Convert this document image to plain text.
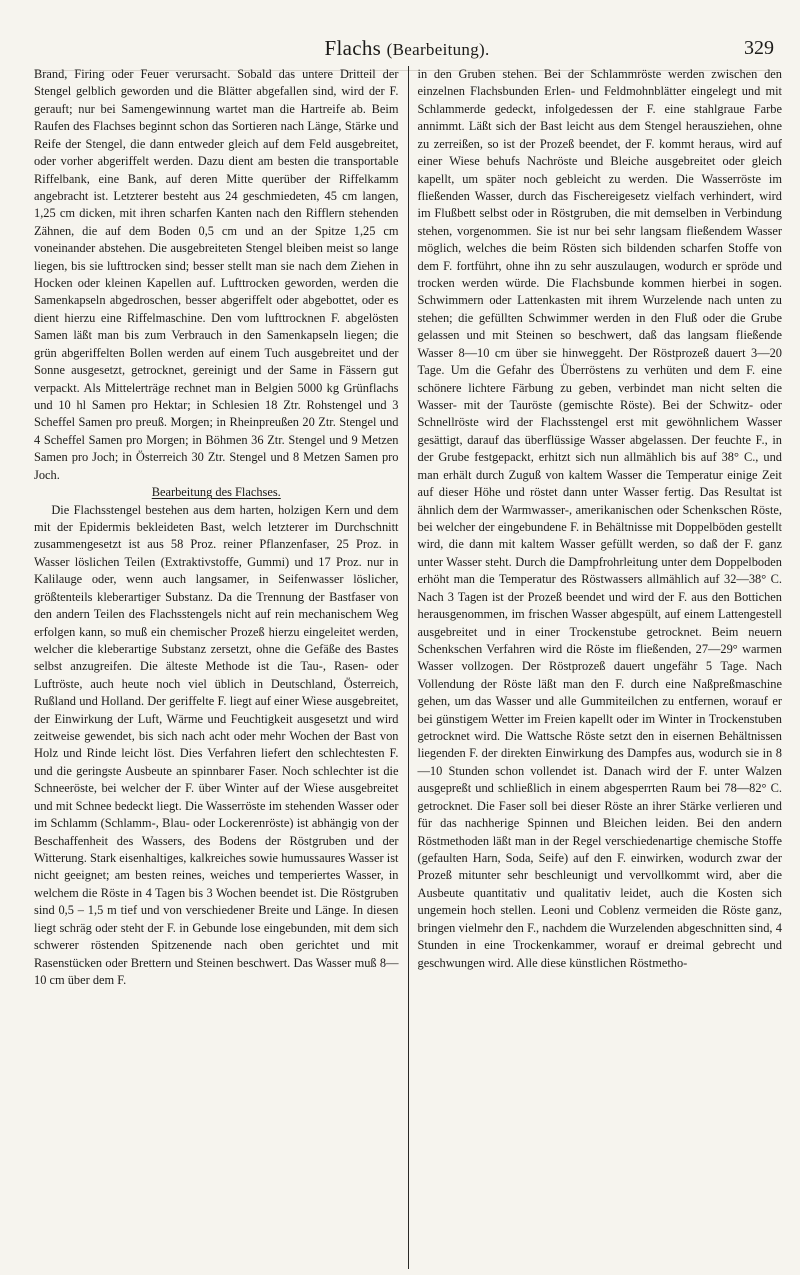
Flachs (Bearbeitung).	329

Brand, Firing oder Feuer verursacht. Sobald das untere Dritteil der Stengel gelblich geworden und die Blätter abgefallen sind, wird der F. gerauft; nur bei Samengewinnung wartet man die Hartreife ab. Beim Raufen des Flachses beginnt schon das Sortieren nach Länge, Stärke und Reife der Stengel, die dann entweder gleich auf dem Feld ausgebreitet, oder vorher abgeriffelt werden. Dazu dient am besten die transportable Riffelbank, eine Bank, auf deren Mitte querüber der Riffelkamm angebracht ist. Letzterer besteht aus 24 geschmiedeten, 45 cm langen, 1,25 cm dicken, mit ihren scharfen Kanten nach den Rifflern stehenden Zähnen, die auf dem Boden 0,5 cm und an der Spitze 1,25 cm voneinander abstehen. Die ausgebreiteten Stengel bleiben meist so lange liegen, bis sie lufttrocken sind; besser stellt man sie nach dem Ziehen in Hocken oder kleinen Kapellen auf. Lufttrocken geworden, werden die Samenkapseln abgedroschen, besser abgeriffelt oder abgebottet, oder es dient hierzu eine Riffelmaschine. Den vom lufttrocknen F. abgelösten Samen läßt man bis zum Verbrauch in den Samenkapseln liegen; die grün abgeriffelten Bollen werden auf einem Tuch ausgebreitet und der Sonne ausgesetzt, getrocknet, gereinigt und der Same in Fässern gut verpackt. Als Mittelerträge rechnet man in Belgien 5000 kg Grünflachs und 10 hl Samen pro Hektar; in Schlesien 18 Ztr. Rohstengel und 3 Scheffel Samen pro preuß. Morgen; in Rheinpreußen 20 Ztr. Stengel und 4 Scheffel Samen pro Morgen; in Böhmen 36 Ztr. Stengel und 9 Metzen Samen pro Joch; in Österreich 30 Ztr. Stengel und 8 Metzen Samen pro Joch.

Bearbeitung des Flachses.

Die Flachsstengel bestehen aus dem harten, holzigen Kern und dem mit der Epidermis bekleideten Bast, welch letzterer im Durchschnitt zusammengesetzt ist aus 58 Proz. reiner Pflanzenfaser, 25 Proz. in Wasser löslichen Teilen (Extraktivstoffe, Gummi) und 17 Proz. nur in Kalilauge oder, wenn auch langsamer, in Seifenwasser löslicher, größtenteils kleberartiger Substanz. Da die Trennung der Bastfaser von den andern Teilen des Flachsstengels nicht auf rein mechanischem Weg erfolgen kann, so muß ein chemischer Prozeß hierzu eingeleitet werden, welcher die kleberartige Substanz zersetzt, ohne die Gefäße des Bastes selbst anzugreifen. Die älteste Methode ist die Tau-, Rasen- oder Luftröste, auch heute noch viel üblich in Deutschland, Österreich, Rußland und Holland. Der geriffelte F. liegt auf einer Wiese ausgebreitet, der Einwirkung der Luft, Wärme und Feuchtigkeit ausgesetzt und wird zeitweise gewendet, bis sich nach acht oder mehr Wochen der Bast von Holz und Rinde leicht löst. Dies Verfahren liefert den schlechtesten F. und die geringste Ausbeute an spinnbarer Faser. Noch schlechter ist die Schneeröste, bei welcher der F. über Winter auf der Wiese ausgebreitet und mit Schnee bedeckt liegt. Die Wasserröste im stehenden Wasser oder im Schlamm (Schlamm-, Blau- oder Lockerenröste) ist abhängig von der Beschaffenheit des Wassers, des Bodens der Röstgruben und der Witterung. Stark eisenhaltiges, kalkreiches sowie humussaures Wasser ist nicht geeignet; am besten reines, weiches und temperiertes Wasser, in welchem die Röste in 4 Tagen bis 3 Wochen beendet ist. Die Röstgruben sind 0,5 – 1,5 m tief und von verschiedener Breite und Länge. In diesen liegt schräg oder steht der F. in Gebunde lose eingebunden, mit dem sich schwerer röstenden Spitzenende nach oben gerichtet und mit Rasenstücken oder Brettern und Steinen beschwert. Das Wasser muß 8—10 cm über dem F.

in den Gruben stehen. Bei der Schlammröste werden zwischen den einzelnen Flachsbunden Erlen- und Feldmohnblätter eingelegt und mit Schlammerde gedeckt, infolgedessen der F. eine stahlgraue Farbe annimmt. Läßt sich der Bast leicht aus dem Stengel herausziehen, ohne zu zerreißen, so ist der Prozeß beendet, der F. kommt heraus, wird auf einer Wiese behufs Nachröste und Bleiche ausgebreitet oder gleich kapellt, um später noch gebleicht zu werden. Die Wasserröste im fließenden Wasser, durch das Fischereigesetz vielfach verhindert, wird im Flußbett selbst oder in Röstgruben, die mit demselben in Verbindung stehen, vorgenommen. Sie ist nur bei sehr langsam fließendem Wasser möglich, welches die beim Rösten sich bildenden scharfen Stoffe von dem F. fortführt, ohne ihn zu sehr auszulaugen, wodurch er spröde und trocken werden würde. Die Flachsbunde kommen hierbei in sogen. Schwimmern oder Lattenkasten mit ihrem Wurzelende nach unten zu stehen; die gefüllten Schwimmer werden in den Fluß oder die Grube gelassen und mit Steinen so beschwert, daß das langsam fließende Wasser 8—10 cm über sie hinweggeht. Der Röstprozeß dauert 3—20 Tage. Um die Gefahr des Überröstens zu verhüten und dem F. eine schönere lichtere Färbung zu geben, verbindet man nicht selten die Wasser- mit der Tauröste (gemischte Röste). Bei der Schwitz- oder Schnellröste wird der Flachsstengel erst mit gewöhnlichem Wasser gesättigt, darauf das überflüssige Wasser abgelassen. Der feuchte F., in der Grube festgepackt, erhitzt sich nun allmählich bis auf 38° C., und man erhält durch Zuguß von kaltem Wasser die Temperatur einige Zeit auf dieser Höhe und röstet dann unter Wasser fertig. Das Resultat ist ähnlich dem der Warmwasser-, amerikanischen oder Schenkschen Röste, bei welcher der eingebundene F. in Behältnisse mit Doppelböden gestellt wird, die dann mit kaltem Wasser gefüllt werden, so daß der F. ganz unter Wasser steht. Durch die Dampfrohrleitung unter dem Doppelboden erhöht man die Temperatur des Röstwassers allmählich auf 32—38° C. Nach 3 Tagen ist der Prozeß beendet und wird der F. aus den Bottichen herausgenommen, im frischen Wasser abgespült, auf einem Lattengestell ausgebreitet und in einer Trockenstube getrocknet. Beim neuern Schenkschen Verfahren wird die Röste im fließenden, 27—29° warmen Wasser vollzogen. Der Röstprozeß dauert ungefähr 5 Tage. Nach Vollendung der Röste läßt man den F. durch eine Naßpreßmaschine gehen, um das Wasser und alle Gummiteilchen zu entfernen, worauf er bei günstigem Wetter im Freien kapellt oder im Winter in Trockenstuben getrocknet wird. Die Wattsche Röste setzt den in eisernen Behältnissen liegenden F. der direkten Einwirkung des Dampfes aus, wodurch sie in 8—10 Stunden schon vollendet ist. Danach wird der F. unter Walzen ausgepreßt und schließlich in einem abgesperrten Raum bei 78—82° C. getrocknet. Die Faser soll bei dieser Röste an ihrer Stärke verlieren und für das nachherige Spinnen und Bleichen leiden. Bei den andern Röstmethoden läßt man in der Regel verschiedenartige chemische Stoffe (gefaulten Harn, Soda, Seife) auf den F. einwirken, wodurch zwar der Prozeß mitunter sehr beschleunigt und vervollkommt wird, aber die Ausbeute quantitativ und qualitativ leidet, auch die Kosten sich ungemein hoch stellen. Leoni und Coblenz vermeiden die Röste ganz, bringen vielmehr den F., nachdem die Wurzelenden abgeschnitten sind, 4 Stunden in eine Trockenkammer, worauf er dreimal gebrecht und geschwungen wird. Alle diese künstlichen Röstmetho-
